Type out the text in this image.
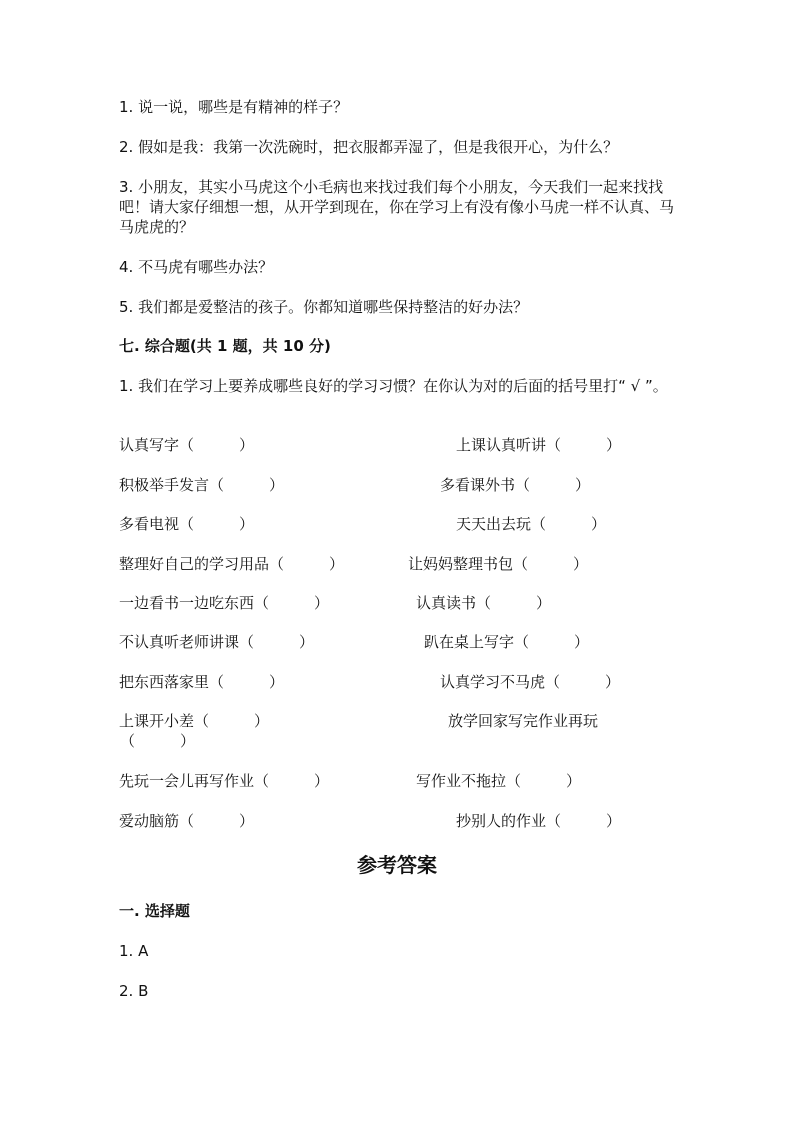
1. 说一说，哪些是有精神的样子？
2. 假如是我：我第一次洗碗时，把衣服都弄湿了，但是我很开心，为什么？
3. 小朋友，其实小马虎这个小毛病也来找过我们每个小朋友，今天我们一起来找找吧！请大家仔细想一想，从开学到现在，你在学习上有没有像小马虎一样不认真、马马虎虎的？
4. 不马虎有哪些办法？
5. 我们都是爱整洁的孩子。你都知道哪些保持整洁的好办法？
七. 综合题(共 1 题，共 10 分)
1. 我们在学习上要养成哪些良好的学习习惯？在你认为对的后面的括号里打“ √ ”。
认真写字（　　　）	上课认真听讲（　　　）
积极举手发言（　　　）	多看课外书（　　　）
多看电视（　　　）	天天出去玩（　　　）
整理好自己的学习用品（　　　）	让妈妈整理书包（　　　）
一边看书一边吃东西（　　　）	认真读书（　　　）
不认真听老师讲课（　　　）	趴在桌上写字（　　　）
把东西落家里（　　　）	认真学习不马虎（　　　）
上课开小差（　　　）	放学回家写完作业再玩（　　　）
先玩一会儿再写作业（　　　）	写作业不拖拉（　　　）
爱动脑筋（　　　）	抄别人的作业（　　　）
参考答案
一. 选择题
1. A
2. B
